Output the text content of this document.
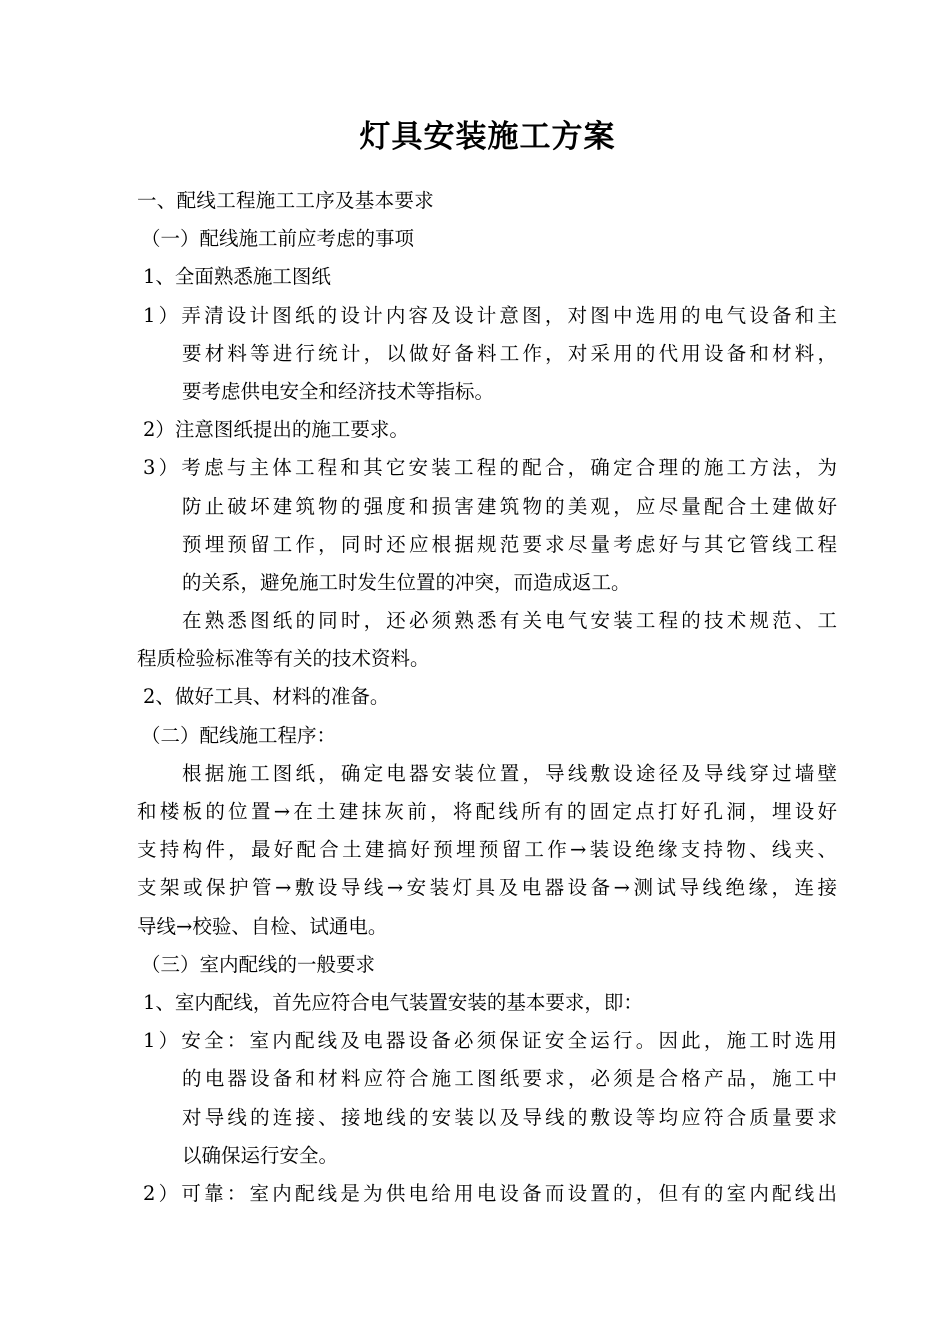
灯具安装施工方案
一、配线工程施工工序及基本要求
（一）配线施工前应考虑的事项
1、全面熟悉施工图纸
1）弄清设计图纸的设计内容及设计意图，对图中选用的电气设备和主
要材料等进行统计，以做好备料工作，对采用的代用设备和材料，
要考虑供电安全和经济技术等指标。
2）注意图纸提出的施工要求。
3）考虑与主体工程和其它安装工程的配合，确定合理的施工方法，为
防止破坏建筑物的强度和损害建筑物的美观，应尽量配合土建做好
预埋预留工作，同时还应根据规范要求尽量考虑好与其它管线工程
的关系，避免施工时发生位置的冲突，而造成返工。
在熟悉图纸的同时，还必须熟悉有关电气安装工程的技术规范、工
程质检验标准等有关的技术资料。
2、做好工具、材料的准备。
（二）配线施工程序：
根据施工图纸，确定电器安装位置，导线敷设途径及导线穿过墙壁
和楼板的位置→在土建抹灰前，将配线所有的固定点打好孔洞，埋设好
支持构件，最好配合土建搞好预埋预留工作→装设绝缘支持物、线夹、
支架或保护管→敷设导线→安装灯具及电器设备→测试导线绝缘，连接
导线→校验、自检、试通电。
（三）室内配线的一般要求
1、室内配线，首先应符合电气装置安装的基本要求，即：
1）安全：室内配线及电器设备必须保证安全运行。因此，施工时选用
的电器设备和材料应符合施工图纸要求，必须是合格产品，施工中
对导线的连接、接地线的安装以及导线的敷设等均应符合质量要求
以确保运行安全。
2）可靠：室内配线是为供电给用电设备而设置的，但有的室内配线出
